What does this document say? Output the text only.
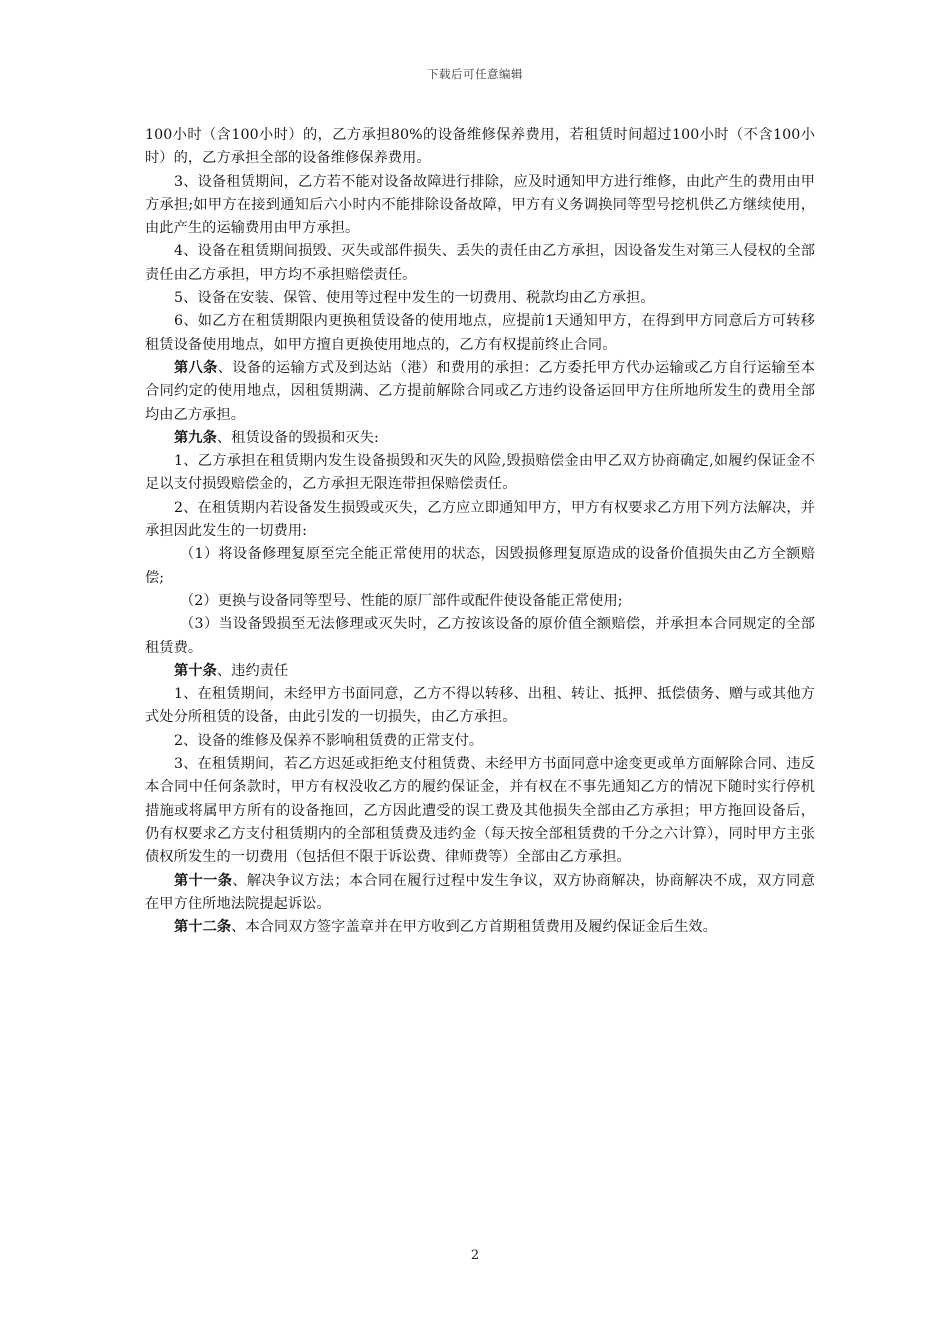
下载后可任意编辑

100小时（含100小时）的，乙方承担80%的设备维修保养费用，若租赁时间超过100小时（不含100小时）的，乙方承担全部的设备维修保养费用。

3、设备租赁期间，乙方若不能对设备故障进行排除，应及时通知甲方进行维修，由此产生的费用由甲方承担;如甲方在接到通知后六小时内不能排除设备故障，甲方有义务调换同等型号挖机供乙方继续使用，由此产生的运输费用由甲方承担。

4、设备在租赁期间损毁、灭失或部件损失、丢失的责任由乙方承担，因设备发生对第三人侵权的全部责任由乙方承担，甲方均不承担赔偿责任。

5、设备在安装、保管、使用等过程中发生的一切费用、税款均由乙方承担。

6、如乙方在租赁期限内更换租赁设备的使用地点，应提前1天通知甲方，在得到甲方同意后方可转移租赁设备使用地点，如甲方擅自更换使用地点的，乙方有权提前终止合同。

第八条、设备的运输方式及到达站（港）和费用的承担：乙方委托甲方代办运输或乙方自行运输至本合同约定的使用地点，因租赁期满、乙方提前解除合同或乙方违约设备运回甲方住所地所发生的费用全部均由乙方承担。

第九条、租赁设备的毁损和灭失:

1、乙方承担在租赁期内发生设备损毁和灭失的风险,毁损赔偿金由甲乙双方协商确定,如履约保证金不足以支付损毁赔偿金的，乙方承担无限连带担保赔偿责任。

2、在租赁期内若设备发生损毁或灭失，乙方应立即通知甲方，甲方有权要求乙方用下列方法解决，并承担因此发生的一切费用:

（1）将设备修理复原至完全能正常使用的状态，因毁损修理复原造成的设备价值损失由乙方全额赔偿;

（2）更换与设备同等型号、性能的原厂部件或配件使设备能正常使用;

（3）当设备毁损至无法修理或灭失时，乙方按该设备的原价值全额赔偿，并承担本合同规定的全部租赁费。

第十条、违约责任

1、在租赁期间，未经甲方书面同意，乙方不得以转移、出租、转让、抵押、抵偿债务、赠与或其他方式处分所租赁的设备，由此引发的一切损失，由乙方承担。

2、设备的维修及保养不影响租赁费的正常支付。

3、在租赁期间，若乙方迟延或拒绝支付租赁费、未经甲方书面同意中途变更或单方面解除合同、违反本合同中任何条款时，甲方有权没收乙方的履约保证金，并有权在不事先通知乙方的情况下随时实行停机措施或将属甲方所有的设备拖回，乙方因此遭受的误工费及其他损失全部由乙方承担；甲方拖回设备后，仍有权要求乙方支付租赁期内的全部租赁费及违约金（每天按全部租赁费的千分之六计算），同时甲方主张债权所发生的一切费用（包括但不限于诉讼费、律师费等）全部由乙方承担。

第十一条、解决争议方法；本合同在履行过程中发生争议，双方协商解决，协商解决不成，双方同意在甲方住所地法院提起诉讼。

第十二条、本合同双方签字盖章并在甲方收到乙方首期租赁费用及履约保证金后生效。

2
